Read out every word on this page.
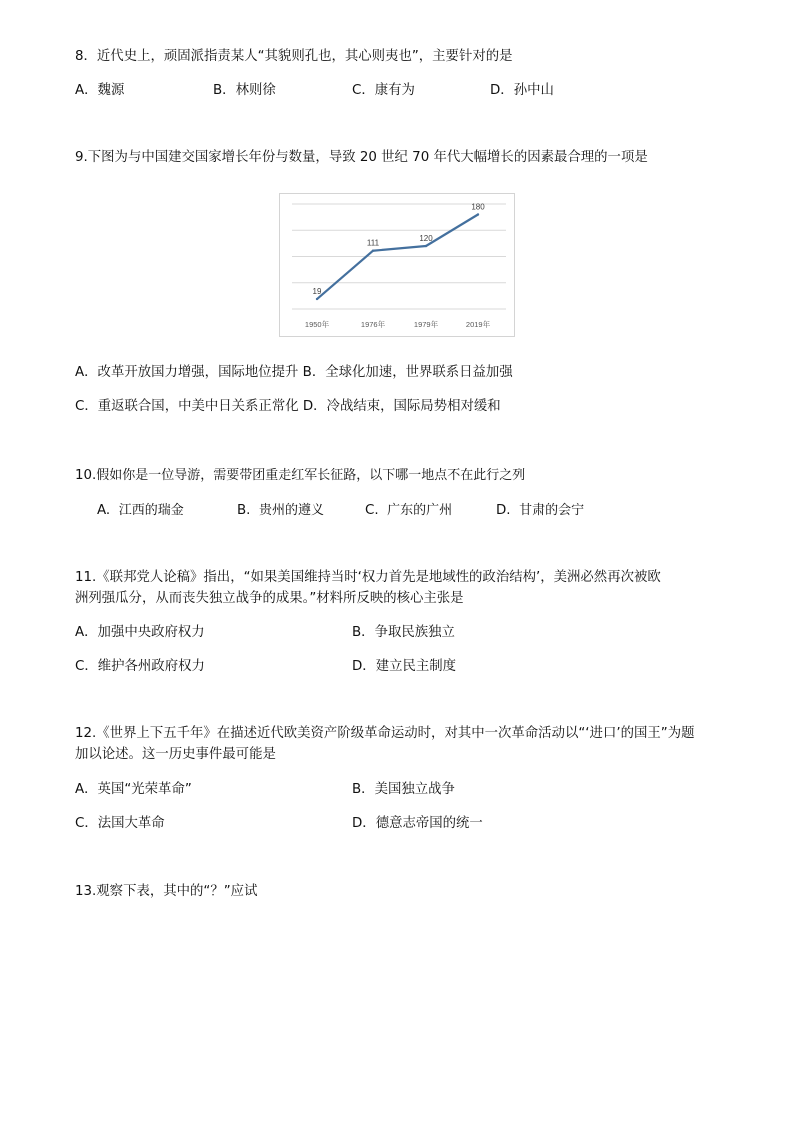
8．近代史上，顽固派指责某人“其貌则孔也，其心则夷也”，主要针对的是
A．魏源	B．林则徐	C．康有为	D．孙中山
9.下图为与中国建交国家增长年份与数量，导致 20 世纪 70 年代大幅增长的因素最合理的一项是
19
111
120
180
1950年	1976年	1979年	2019年
A．改革开放国力增强，国际地位提升 B．全球化加速，世界联系日益加强
C．重返联合国，中美中日关系正常化 D．冷战结束，国际局势相对缓和
10.假如你是一位导游，需要带团重走红军长征路，以下哪一地点不在此行之列
A. 江西的瑞金	B. 贵州的遵义	C. 广东的广州	D. 甘肃的会宁
11.《联邦党人论稿》指出，“如果美国维持当时‘权力首先是地域性的政治结构’，美洲必然再次被欧
洲列强瓜分，从而丧失独立战争的成果。”材料所反映的核心主张是
A．加强中央政府权力	B．争取民族独立
C．维护各州政府权力	D．建立民主制度
12.《世界上下五千年》在描述近代欧美资产阶级革命运动时，对其中一次革命活动以“‘进口’的国王”为题
加以论述。这一历史事件最可能是
A．英国“光荣革命”	B．美国独立战争
C．法国大革命	D．德意志帝国的统一
13.观察下表，其中的“？”应试
